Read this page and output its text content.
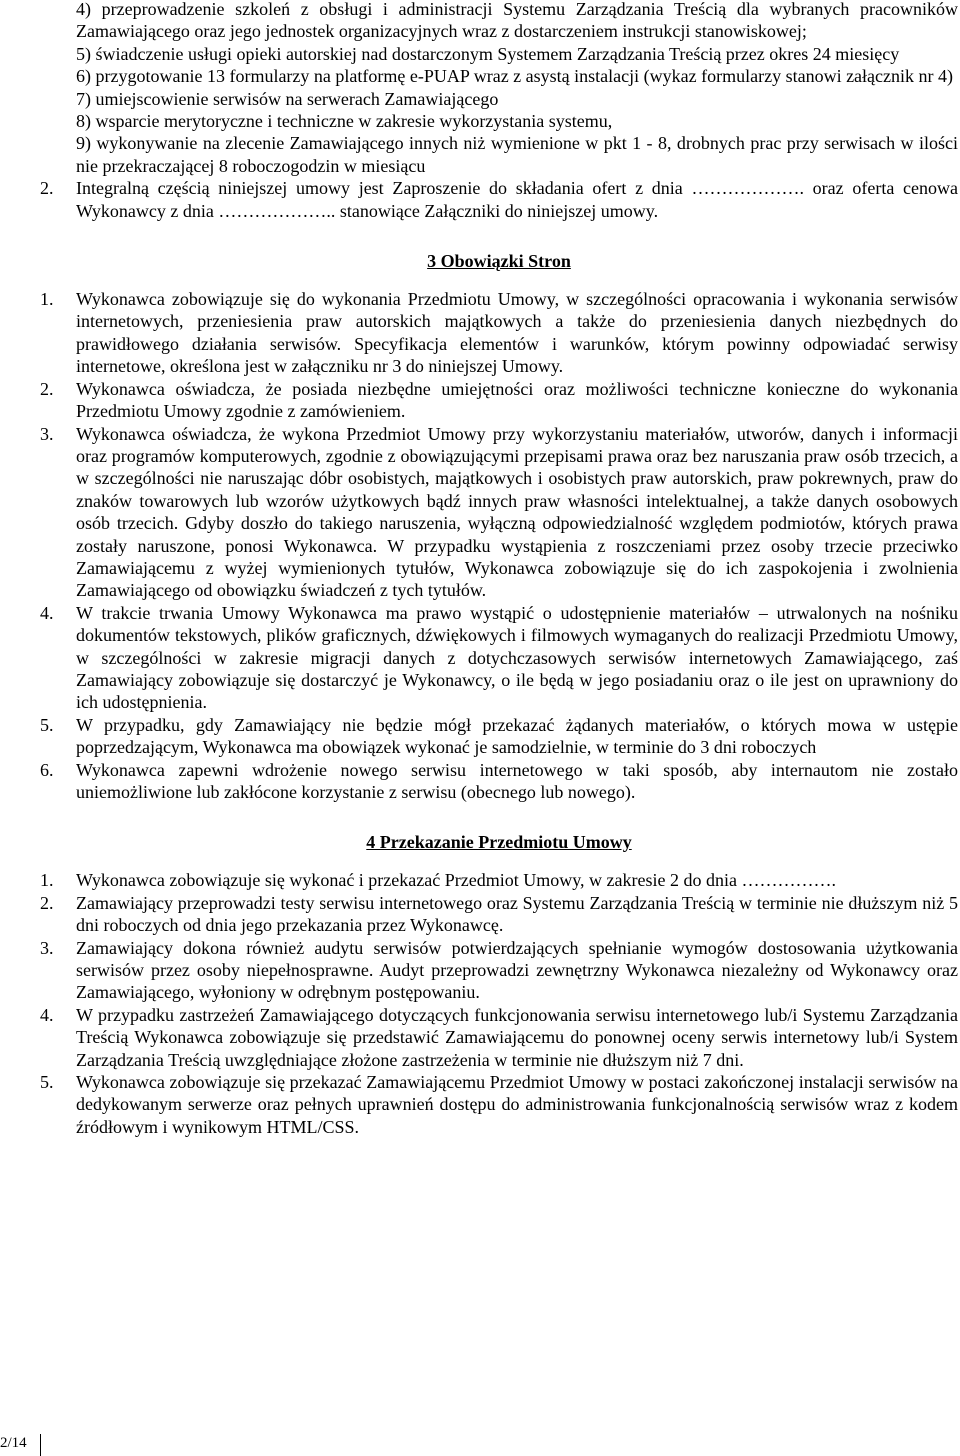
4) przeprowadzenie szkoleń z obsługi i administracji Systemu Zarządzania Treścią dla wybranych pracowników Zamawiającego oraz jego jednostek organizacyjnych wraz z dostarczeniem instrukcji stanowiskowej;

5) świadczenie usługi opieki autorskiej nad dostarczonym Systemem Zarządzania Treścią przez okres 24 miesięcy

6) przygotowanie 13 formularzy na platformę e-PUAP wraz z asystą instalacji (wykaz formularzy stanowi załącznik nr 4)

7) umiejscowienie serwisów na serwerach Zamawiającego

8) wsparcie merytoryczne i techniczne w zakresie wykorzystania systemu,

9) wykonywanie na zlecenie Zamawiającego innych niż wymienione w pkt 1 - 8, drobnych prac przy serwisach w ilości nie przekraczającej 8 roboczogodzin w miesiącu

2. Integralną częścią niniejszej umowy jest Zaproszenie do składania ofert z dnia ………………. oraz oferta cenowa Wykonawcy z dnia ……………….. stanowiące Załączniki do niniejszej umowy.
3 Obowiązki Stron
1. Wykonawca zobowiązuje się do wykonania Przedmiotu Umowy, w szczególności opracowania i wykonania serwisów internetowych, przeniesienia praw autorskich majątkowych a także do przeniesienia danych niezbędnych do prawidłowego działania serwisów. Specyfikacja elementów i warunków, którym powinny odpowiadać serwisy internetowe, określona jest w załączniku nr 3 do niniejszej Umowy.
2. Wykonawca oświadcza, że posiada niezbędne umiejętności oraz możliwości techniczne konieczne do wykonania Przedmiotu Umowy zgodnie z zamówieniem.
3. Wykonawca oświadcza, że wykona Przedmiot Umowy przy wykorzystaniu materiałów, utworów, danych i informacji oraz programów komputerowych, zgodnie z obowiązującymi przepisami prawa oraz bez naruszania praw osób trzecich, a w szczególności nie naruszając dóbr osobistych, majątkowych i osobistych praw autorskich, praw pokrewnych, praw do znaków towarowych lub wzorów użytkowych bądź innych praw własności intelektualnej, a także danych osobowych osób trzecich. Gdyby doszło do takiego naruszenia, wyłączną odpowiedzialność względem podmiotów, których prawa zostały naruszone, ponosi Wykonawca. W przypadku wystąpienia z roszczeniami przez osoby trzecie przeciwko Zamawiającemu z wyżej wymienionych tytułów, Wykonawca zobowiązuje się do ich zaspokojenia i zwolnienia Zamawiającego od obowiązku świadczeń z tych tytułów.
4. W trakcie trwania Umowy Wykonawca ma prawo wystąpić o udostępnienie materiałów – utrwalonych na nośniku dokumentów tekstowych, plików graficznych, dźwiękowych i filmowych wymaganych do realizacji Przedmiotu Umowy, w szczególności w zakresie migracji danych z dotychczasowych serwisów internetowych Zamawiającego, zaś Zamawiający zobowiązuje się dostarczyć je Wykonawcy, o ile będą w jego posiadaniu oraz o ile jest on uprawniony do ich udostępnienia.
5. W przypadku, gdy Zamawiający nie będzie mógł przekazać żądanych materiałów, o których mowa w ustępie poprzedzającym, Wykonawca ma obowiązek wykonać je samodzielnie, w terminie do 3 dni roboczych
6. Wykonawca zapewni wdrożenie nowego serwisu internetowego w taki sposób, aby internautom nie zostało uniemożliwione lub zakłócone korzystanie z serwisu (obecnego lub nowego).
4 Przekazanie Przedmiotu Umowy
1. Wykonawca zobowiązuje się wykonać i przekazać Przedmiot Umowy, w zakresie 2 do dnia …………….
2. Zamawiający przeprowadzi testy serwisu internetowego oraz Systemu Zarządzania Treścią w terminie nie dłuższym niż 5 dni roboczych od dnia jego przekazania przez Wykonawcę.
3. Zamawiający dokona również audytu serwisów potwierdzających spełnianie wymogów dostosowania użytkowania serwisów przez osoby niepełnosprawne. Audyt przeprowadzi zewnętrzny Wykonawca niezależny od Wykonawcy oraz Zamawiającego, wyłoniony w odrębnym postępowaniu.
4. W przypadku zastrzeżeń Zamawiającego dotyczących funkcjonowania serwisu internetowego lub/i Systemu Zarządzania Treścią Wykonawca zobowiązuje się przedstawić Zamawiającemu do ponownej oceny serwis internetowy lub/i System Zarządzania Treścią uwzględniające złożone zastrzeżenia w terminie nie dłuższym niż 7 dni.
5. Wykonawca zobowiązuje się przekazać Zamawiającemu Przedmiot Umowy w postaci zakończonej instalacji serwisów na dedykowanym serwerze oraz pełnych uprawnień dostępu do administrowania funkcjonalnością serwisów wraz z kodem źródłowym i wynikowym HTML/CSS.
2/14
